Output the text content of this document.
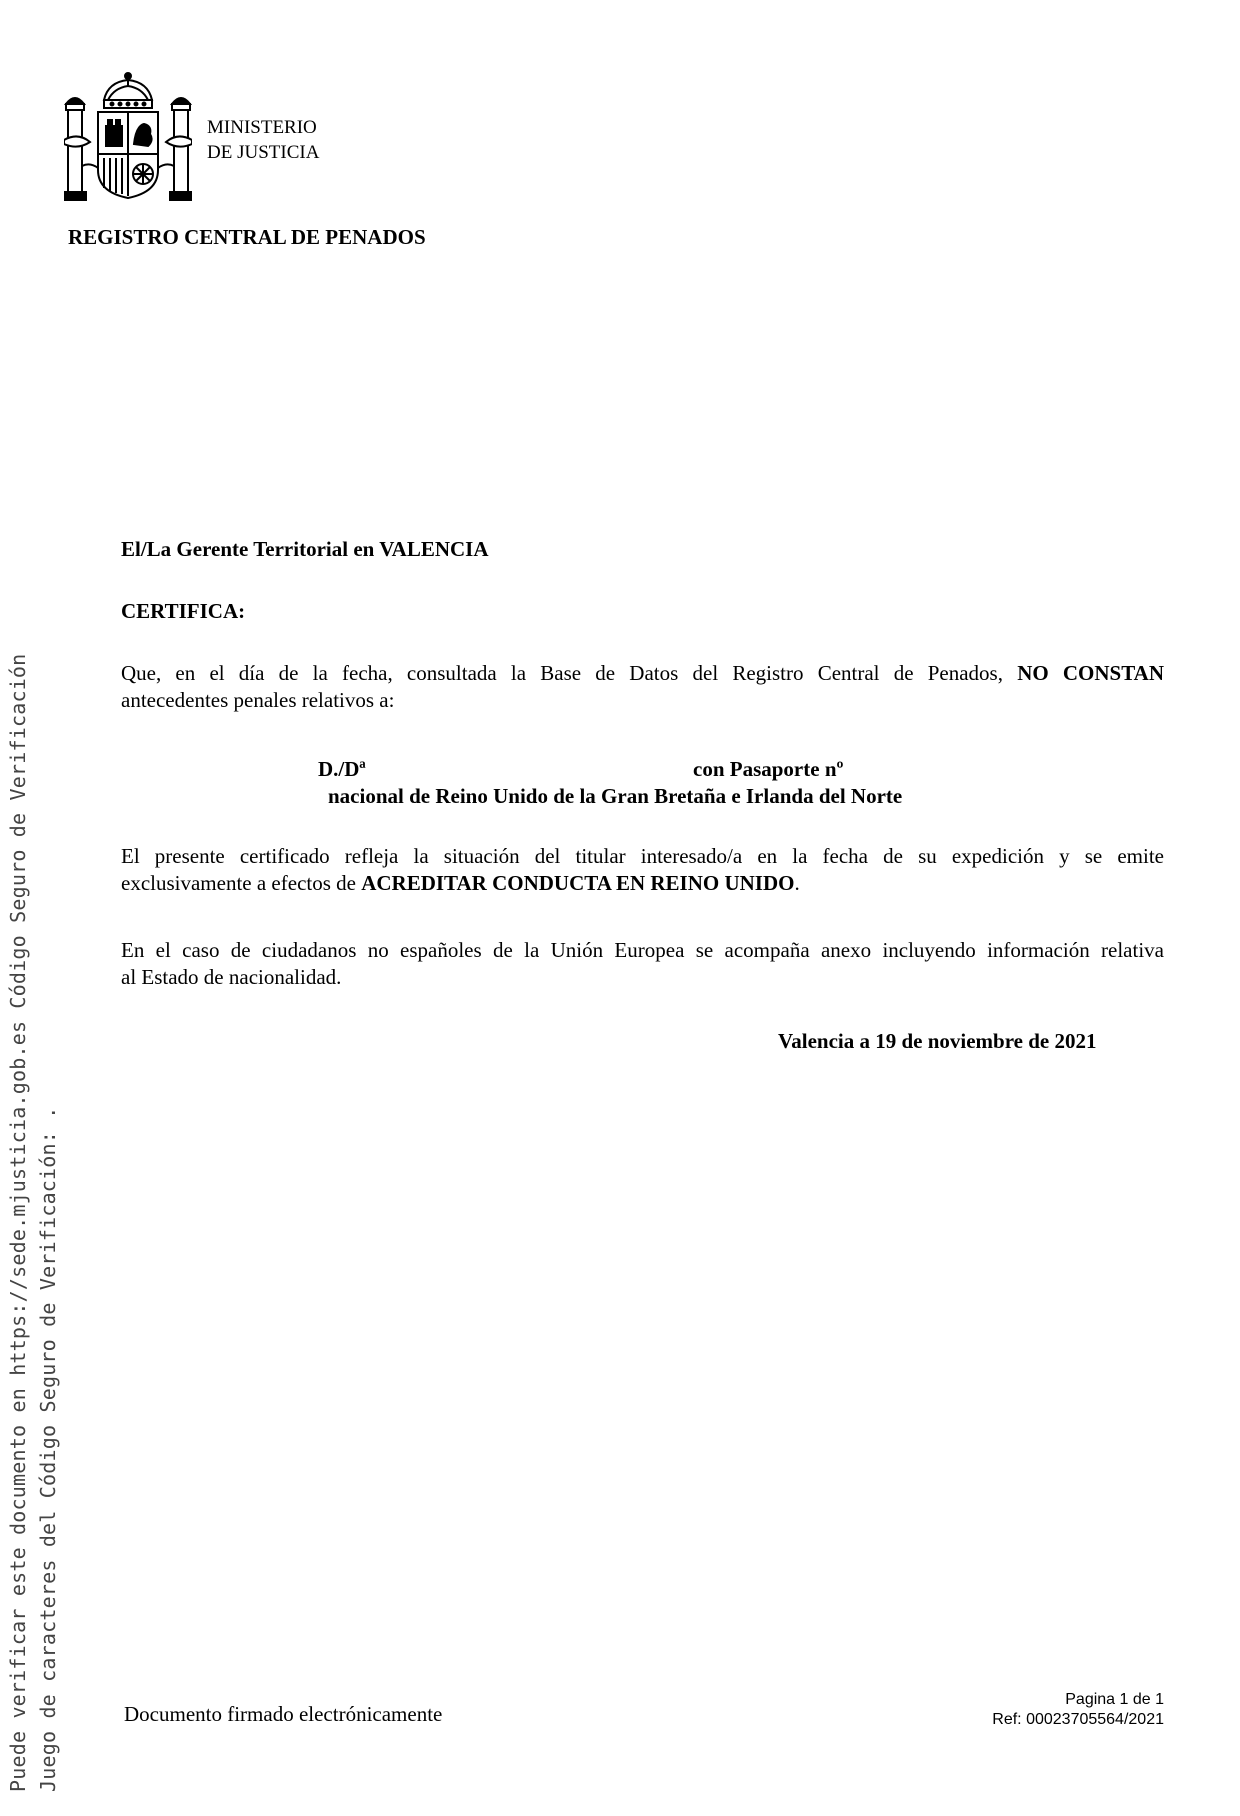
MINISTERIO
DE JUSTICIA
REGISTRO CENTRAL DE PENADOS
Puede verificar este documento en https://sede.mjusticia.gob.es Código Seguro de Verificación Juego de caracteres del Código Seguro de Verificación: .
El/La Gerente Territorial en VALENCIA
CERTIFICA:
Que, en el día de la fecha, consultada la Base de Datos del Registro Central de Penados, NO CONSTAN
antecedentes penales relativos a:
D./Dª	con Pasaporte nº
nacional de Reino Unido de la Gran Bretaña e Irlanda del Norte
El presente certificado refleja la situación del titular interesado/a en la fecha de su expedición y se emite
exclusivamente a efectos de ACREDITAR CONDUCTA EN REINO UNIDO.
En el caso de ciudadanos no españoles de la Unión Europea se acompaña anexo incluyendo información relativa
al Estado de nacionalidad.
Valencia a 19 de noviembre de 2021
Documento firmado electrónicamente
Pagina 1 de 1
Ref: 00023705564/2021
